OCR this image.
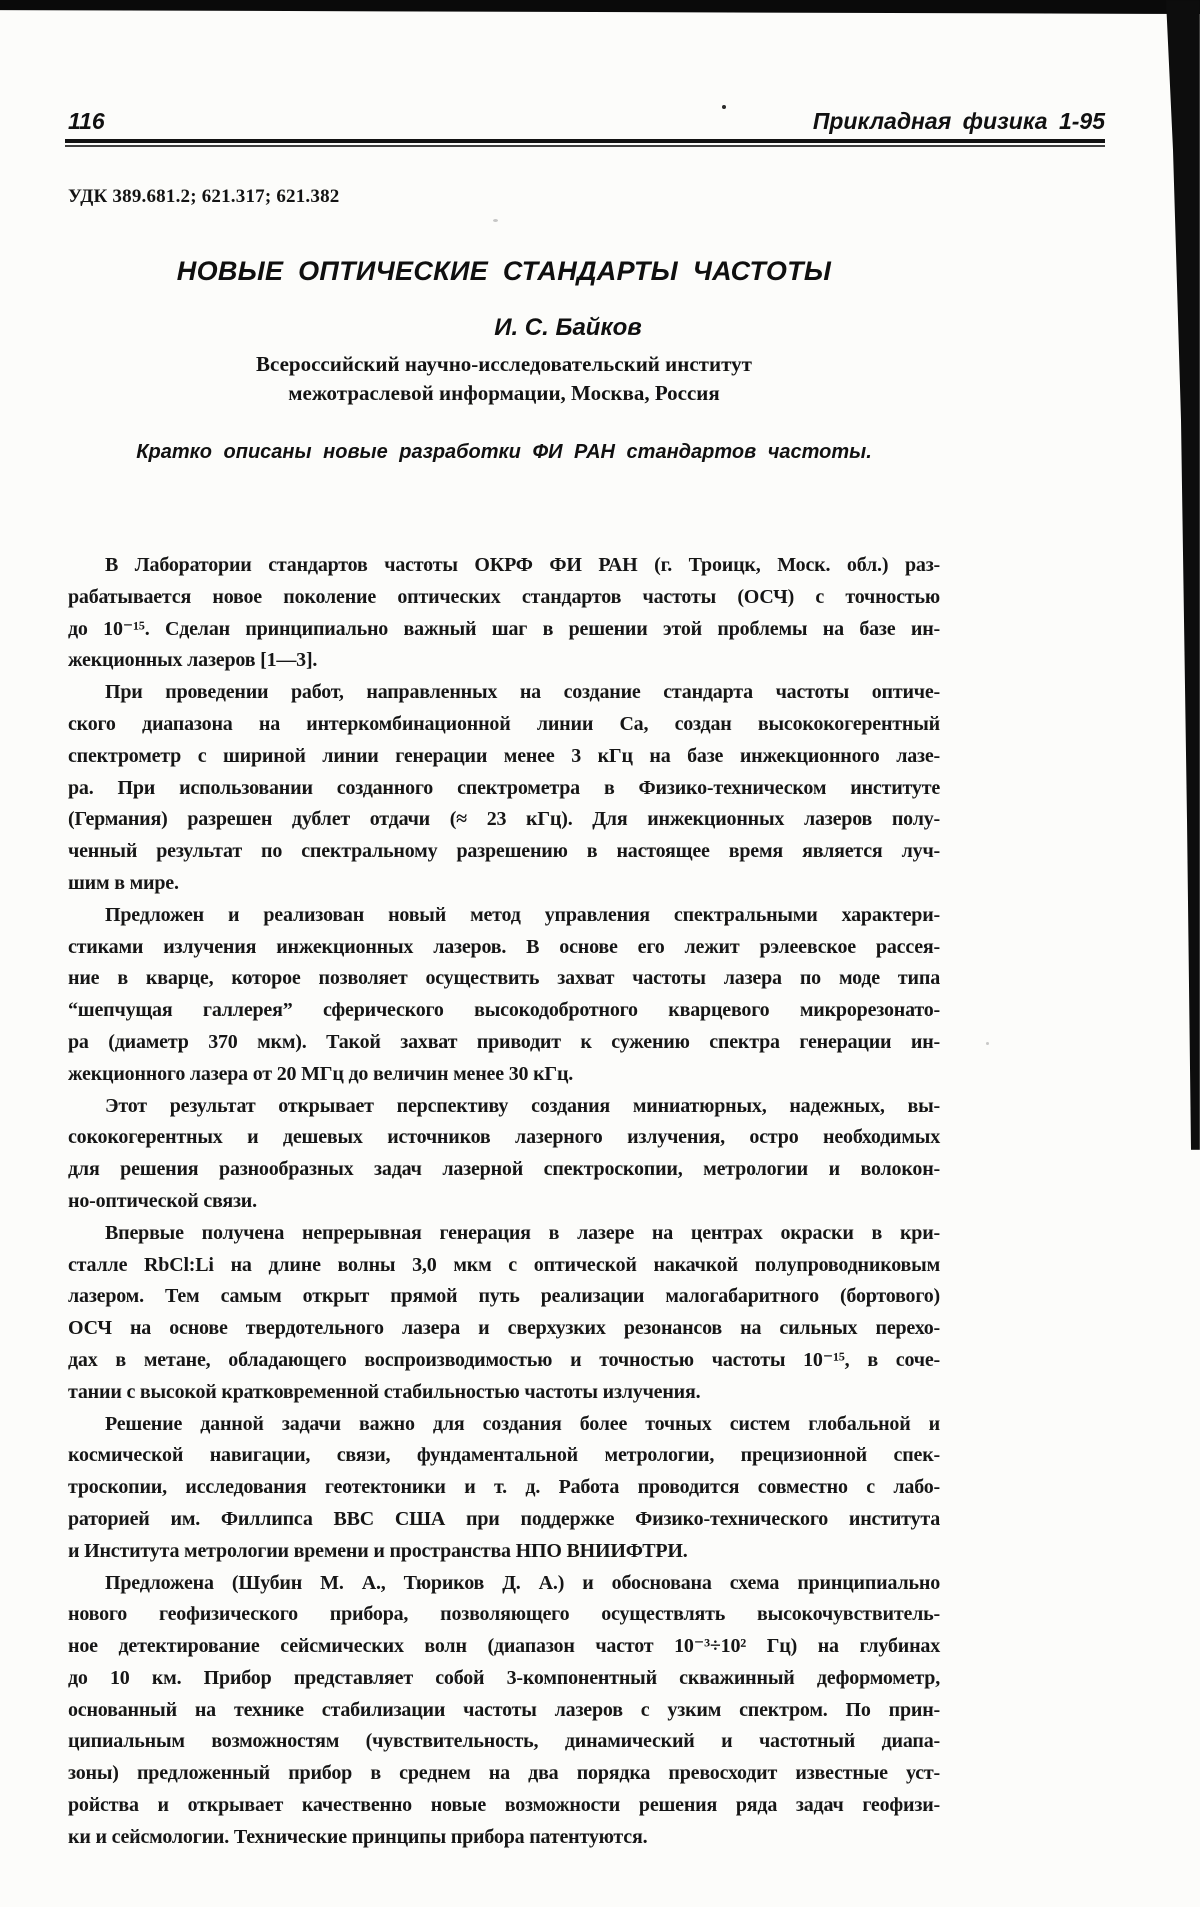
116	Прикладная физика 1-95
УДК 389.681.2; 621.317; 621.382
НОВЫЕ ОПТИЧЕСКИЕ СТАНДАРТЫ ЧАСТОТЫ
И. С. Байков
Всероссийский научно-исследовательский институт
межотраслевой информации, Москва, Россия
Кратко описаны новые разработки ФИ РАН стандартов частоты.
В Лаборатории стандартов частоты ОКРФ ФИ РАН (г. Троицк, Моск. обл.) раз-
рабатывается новое поколение оптических стандартов частоты (ОСЧ) с точностью
до 10⁻¹⁵. Сделан принципиально важный шаг в решении этой проблемы на базе ин-
жекционных лазеров [1—3].
При проведении работ, направленных на создание стандарта частоты оптиче-
ского диапазона на интеркомбинационной линии Са, создан высококогерентный
спектрометр с шириной линии генерации менее 3 кГц на базе инжекционного лазе-
ра. При использовании созданного спектрометра в Физико-техническом институте
(Германия) разрешен дублет отдачи (≈ 23 кГц). Для инжекционных лазеров полу-
ченный результат по спектральному разрешению в настоящее время является луч-
шим в мире.
Предложен и реализован новый метод управления спектральными характери-
стиками излучения инжекционных лазеров. В основе его лежит рэлеевское рассея-
ние в кварце, которое позволяет осуществить захват частоты лазера по моде типа
“шепчущая галлерея” сферического высокодобротного кварцевого микрорезонато-
ра (диаметр 370 мкм). Такой захват приводит к сужению спектра генерации ин-
жекционного лазера от 20 МГц до величин менее 30 кГц.
Этот результат открывает перспективу создания миниатюрных, надежных, вы-
сококогерентных и дешевых источников лазерного излучения, остро необходимых
для решения разнообразных задач лазерной спектроскопии, метрологии и волокон-
но-оптической связи.
Впервые получена непрерывная генерация в лазере на центрах окраски в кри-
сталле RbCl:Li на длине волны 3,0 мкм с оптической накачкой полупроводниковым
лазером. Тем самым открыт прямой путь реализации малогабаритного (бортового)
ОСЧ на основе твердотельного лазера и сверхузких резонансов на сильных перехо-
дах в метане, обладающего воспроизводимостью и точностью частоты 10⁻¹⁵, в соче-
тании с высокой кратковременной стабильностью частоты излучения.
Решение данной задачи важно для создания более точных систем глобальной и
космической навигации, связи, фундаментальной метрологии, прецизионной спек-
троскопии, исследования геотектоники и т. д. Работа проводится совместно с лабо-
раторией им. Филлипса ВВС США при поддержке Физико-технического института
и Института метрологии времени и пространства НПО ВНИИФТРИ.
Предложена (Шубин М. А., Тюриков Д. А.) и обоснована схема принципиально
нового геофизического прибора, позволяющего осуществлять высокочувствитель-
ное детектирование сейсмических волн (диапазон частот 10⁻³÷10² Гц) на глубинах
до 10 км. Прибор представляет собой 3-компонентный скважинный деформометр,
основанный на технике стабилизации частоты лазеров с узким спектром. По прин-
ципиальным возможностям (чувствительность, динамический и частотный диапа-
зоны) предложенный прибор в среднем на два порядка превосходит известные уст-
ройства и открывает качественно новые возможности решения ряда задач геофизи-
ки и сейсмологии. Технические принципы прибора патентуются.
